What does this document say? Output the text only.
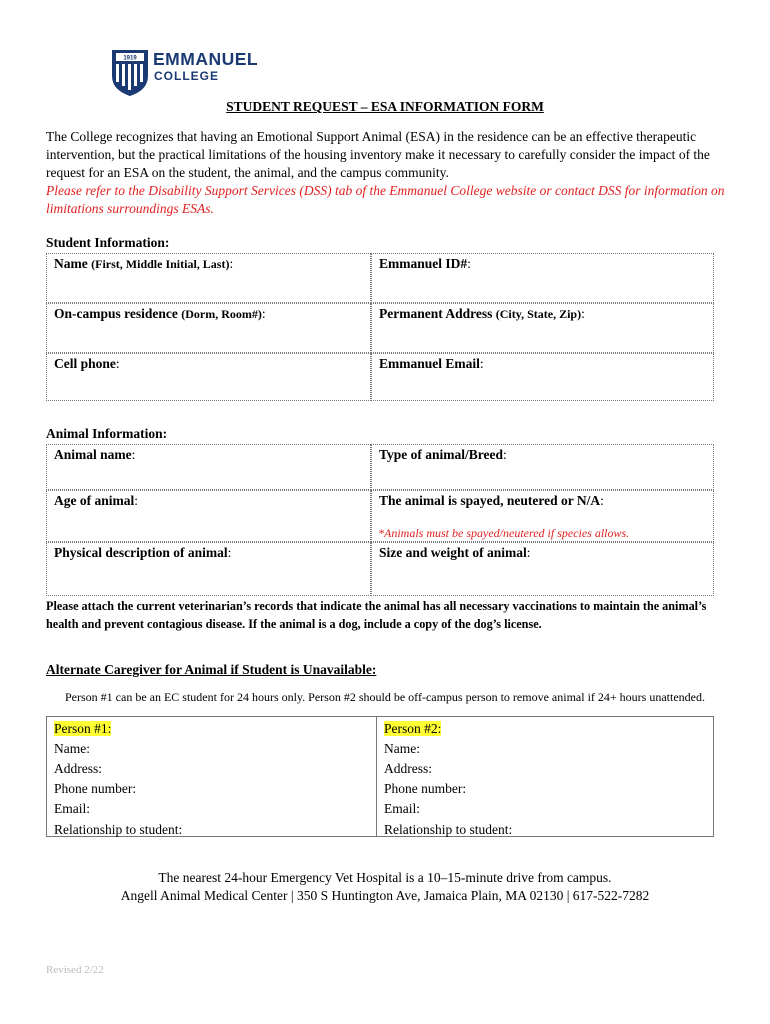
1919 EMMANUEL
COLLEGE
STUDENT REQUEST – ESA INFORMATION FORM
The College recognizes that having an Emotional Support Animal (ESA) in the residence can be an effective therapeutic intervention, but the practical limitations of the housing inventory make it necessary to carefully consider the impact of the request for an ESA on the student, the animal, and the campus community.
Please refer to the Disability Support Services (DSS) tab of the Emmanuel College website or contact DSS for information on limitations surroundings ESAs.
Student Information:
Name (First, Middle Initial, Last):	Emmanuel ID#:
On-campus residence (Dorm, Room#):	Permanent Address (City, State, Zip):
Cell phone:	Emmanuel Email:
Animal Information:
Animal name:	Type of animal/Breed:
Age of animal:	The animal is spayed, neutered or N/A:
*Animals must be spayed/neutered if species allows.
Physical description of animal:	Size and weight of animal:
Please attach the current veterinarian’s records that indicate the animal has all necessary vaccinations to maintain the animal’s health and prevent contagious disease. If the animal is a dog, include a copy of the dog’s license.
Alternate Caregiver for Animal if Student is Unavailable:
Person #1 can be an EC student for 24 hours only. Person #2 should be off-campus person to remove animal if 24+ hours unattended.
Person #1:
Name:
Address:
Phone number:
Email:
Relationship to student:
Person #2:
Name:
Address:
Phone number:
Email:
Relationship to student:
The nearest 24-hour Emergency Vet Hospital is a 10–15-minute drive from campus.
Angell Animal Medical Center | 350 S Huntington Ave, Jamaica Plain, MA 02130 | 617-522-7282
Revised 2/22
